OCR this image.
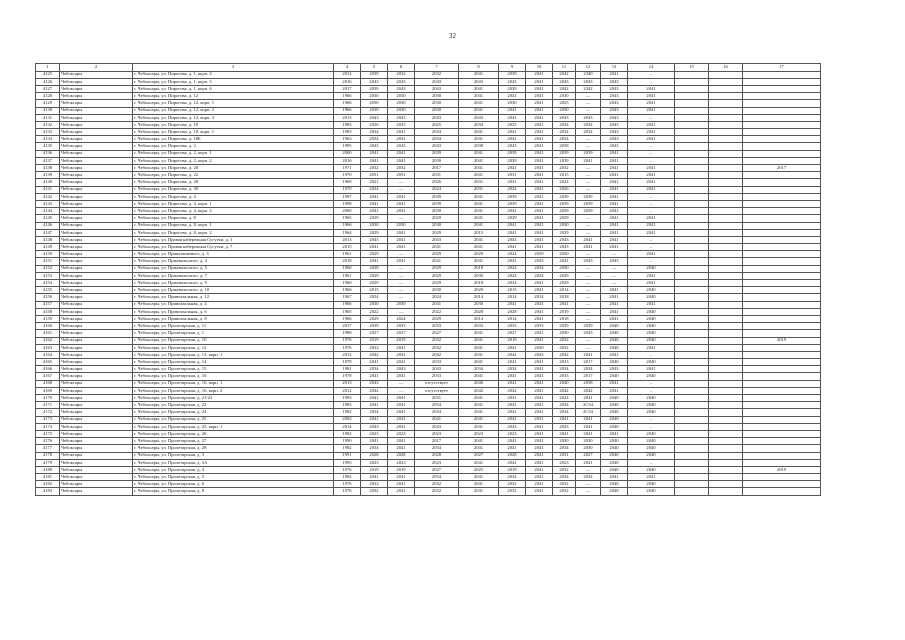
32
1	2	3	4	5	6	7	8	9	10	11	12	13	14	15	16	17
4125	Чебоксары	г. Чебоксары, ул. Пирогова, д. 1, корп. 4	2012	2039	2032	2032	2041	2039	2041	2042	2340	2041	–			
4126	Чебоксары	г. Чебоксары, ул. Пирогова, д. 1, корп. 5	2016	2043	2043	2043	2043	2043	2041	2043	2043	2043	–			
4127	Чебоксары	г. Чебоксары, ул. Пирогова, д. 1, корп. 6	2017	2039	2043	2043	2041	2039	2041	2042	2342	2043	2041			
4128	Чебоксары	г. Чебоксары, ул. Пирогова, д. 12	1966	2030	2030	2030	2041	2041	2041	2030	—	2043	2041			
4129	Чебоксары	г. Чебоксары, ул. Пирогова, д. 12, корп. 1	1966	2030	2030	2030	2041	2030	2041	2025	—	2043	2041			
4130	Чебоксары	г. Чебоксары, ул. Пирогова, д. 12, корп. 2	1966	2030	2030	2030	2041	2041	2041	2030	—	2043	2041			
4131	Чебоксары	г. Чебоксары, ул. Пирогова, д. 12, корп. 3	2013	2043	2043	2043	2043	2043	2041	2043	2043	2043	–			
4132	Чебоксары	г. Чебоксары, ул. Пирогова, д. 18	1983	2026	2025	2025	2034	2025	2041	2034	2034	2043	2041			
4133	Чебоксары	г. Чебоксары, ул. Пирогова, д. 18, корп. 1	1983	2034	2041	2034	2041	2041	2041	2034	2034	2043	2041			
4134	Чебоксары	г. Чебоксары, ул. Пирогова, д. 18Б	1963	2034	2041	2034	2041	2041	2041	2034	—	2043	2041			
4135	Чебоксары	г. Чебоксары, ул. Пирогова, д. 2	1995	2043	2043	2043	2038	2043	2041	2038	—	2043	–			
4136	Чебоксары	г. Чебоксары, ул. Пирогова, д. 2, корп. 1	2000	2041	2041	2039	2041	2039	2041	2039	2039	2041	–			
4137	Чебоксары	г. Чебоксары, ул. Пирогова, д. 2, корп. 2	2016	2041	2041	2039	2041	2039	2041	2039	2041	2041	–			
4138	Чебоксары	г. Чебоксары, ул. Пирогова, д. 20	1971	2032	2032	2017	2041	2041	2041	2032	—	2041	2041			2017
4139	Чебоксары	г. Чебоксары, ул. Пирогова, д. 22	1970	2031	2031	2031	2041	2031	2041	2015	—	2041	2041			
4140	Чебоксары	г. Чебоксары, ул. Пирогова, д. 28	1969	2021	—	2026	2031	2031	2041	2024	—	2041	2041			
4141	Чебоксары	г. Чебоксары, ул. Пирогова, д. 30	1970	2024	—	2024	2031	2024	2041	2026	—	2041	2041			
4142	Чебоксары	г. Чебоксары, ул. Пирогова, д. 4	1997	2041	2041	2039	2041	2039	2041	2039	2039	2041	–			
4143	Чебоксары	г. Чебоксары, ул. Пирогова, д. 4, корп. 1	1998	2041	2041	2039	2041	2039	2041	2039	2039	2041	–			
4144	Чебоксары	г. Чебоксары, ул. Пирогова, д. 4, корп. 2	2000	2041	2041	2039	2041	2041	2041	2039	2039	2041	–			
4145	Чебоксары	г. Чебоксары, ул. Пирогова, д. 8	1965	2029	—	2029	2041	2029	2041	2029	—	2041	2041			
4146	Чебоксары	г. Чебоксары, ул. Пирогова, д. 8, корп. 1	1966	2030	2030	2030	2041	2041	2041	2030	—	2041	2041			
4147	Чебоксары	г. Чебоксары, ул. Пирогова, д. 8, корп. 2	1964	2029	2041	2029	2015	2041	2041	2029	—	2041	2041			
4148	Чебоксары	г. Чебоксары, ул. Правая набережная Сугутки, д. 1	2013	2043	2041	2043	2041	2043	2041	2043	2041	2041	–			
4149	Чебоксары	г. Чебоксары, ул. Правая набережная Сугутки, д. 7	2015	2041	2041	2041	2041	2041	2041	2043	2041	2041	–			
4150	Чебоксары	г. Чебоксары, ул. Приказчикового, д. 3	1961	2029	—	2029	2029	2024	2029	2030	—	—	2041			
4151	Чебоксары	г. Чебоксары, ул. Пржевальского, д. 4	2018	2041	2041	2041	2041	2041	2043	2041	2043	2043	–			
4152	Чебоксары	г. Чебоксары, ул. Пржевальского, д. 5	1960	2028	—	2029	2018	2024	2024	2030	—	—	2040			
4153	Чебоксары	г. Чебоксары, ул. Пржевальского, д. 7	1961	2029	—	2029	2030	2024	2024	2029	—	—	2041			
4154	Чебоксары	г. Чебоксары, ул. Пржевальского, д. 9	1960	2029	—	2029	2018	2024	2041	2029	—	—	2041			
4155	Чебоксары	г. Чебоксары, ул. Пржевальского, д. 10	1966	2015	—	2030	2020	2015	2041	2014	—	2041	2040			
4156	Чебоксары	г. Чебоксары, ул. Привокзальная, д. 12	1967	2024	—	2024	2014	2014	2014	2018	—	2041	2040			
4157	Чебоксары	г. Чебоксары, ул. Привокзальная, д. 4	1966	2030	2030	2041	2030	2041	2041	2041	—	2041	2041			
4158	Чебоксары	г. Чебоксары, ул. Привокзальная, д. 6	1965	2022	—	2022	2028	2028	2041	2019	—	2041	2040			
4159	Чебоксары	г. Чебоксары, ул. Привокзальная, д. 8	1966	2029	2024	2029	2014	2014	2041	2018	—	2041	2040			
4160	Чебоксары	г. Чебоксары, ул. Пролетарская, д. 11	2017	2039	2033	2033	2033	2033	2033	2039	2039	2040	2040			
4161	Чебоксары	г. Чебоксары, ул. Пролетарская, д. 1	1988	2027	2027	2027	2041	2027	2041	2030	2043	2040	2040			
4162	Чебоксары	г. Чебоксары, ул. Пролетарская, д. 10	1976	2019	2019	2032	2041	2019	2041	2032	—	2040	2040			2019
4163	Чебоксары	г. Чебоксары, ул. Пролетарская, д. 12	1976	2032	2041	2032	2041	2041	2020	2032	—	2040	2041			
4164	Чебоксары	г. Чебоксары, ул. Пролетарская, д. 13, корп. 1	2012	2042	2041	2042	2041	2042	2043	2042	2041	2041	–			
4165	Чебоксары	г. Чебоксары, ул. Пролетарская, д. 14	1978	2041	2041	2033	2041	2041	2041	2033	2017	2040	2040			
4166	Чебоксары	г. Чебоксары, ул. Пролетарская, д. 15	1981	2034	2043	2043	2034	2034	2041	2034	2034	2043	2041			
4167	Чебоксары	г. Чебоксары, ул. Пролетарская, д. 16	1978	2041	2041	2033	2041	2041	2041	2033	2017	2040	2040			
4168	Чебоксары	г. Чебоксары, ул. Пролетарская, д. 16, корп. 1	2013	2043	—	отсутствует	2040	2041	2041	2040	2038	2041	–			
4169	Чебоксары	г. Чебоксары, ул. Пролетарская, д. 16, корп. 2	2012	2042	—	отсутствует	2042	2042	2041	2042	2042	2041	–			
4170	Чебоксары	г. Чебоксары, ул. Пролетарская, д. 21/22	1993	2041	2041	2031	2041	2031	2041	2024	2041	2040	2040			
4171	Чебоксары	г. Чебоксары, ул. Пролетарская, д. 22	1983	2041	2041	2034	2041	2041	2041	2034	2С34	2040	2040			
4172	Чебоксары	г. Чебоксары, ул. Пролетарская, д. 24	1982	2034	2041	2034	2041	2041	2041	2034	2С34	2040	2040			
4173	Чебоксары	г. Чебоксары, ул. Пролетарская, д. 25	2002	2041	2041	2041	2041	2041	2031	2041	2041	2040	–			
4174	Чебоксары	г. Чебоксары, ул. Пролетарская, д. 25, корп. 1	2014	2043	2041	2043	2041	2043	2041	2043	2041	2040	–			
4175	Чебоксары	г. Чебоксары, ул. Пролетарская, д. 26	1982	2023	2023	2023	2023	2023	2041	2041	2041	2041	2040			
4176	Чебоксары	г. Чебоксары, ул. Пролетарская, д. 27	1990	2041	2041	2017	2041	2041	2041	2030	2030	2040	2040			
4177	Чебоксары	г. Чебоксары, ул. Пролетарская, д. 28	1982	2034	2041	2034	2041	2041	2041	2034	2030	2040	2040			
4178	Чебоксары	г. Чебоксары, ул. Пролетарская, д. 3	1991	2028	2028	2028	2027	2028	2041	2031	2027	2040	2040			
4179	Чебоксары	г. Чебоксары, ул. Пролетарская, д. 3А	1995	2023	2023	2023	2041	2041	2041	2023	2041	2040	–			
4180	Чебоксары	г. Чебоксары, ул. Пролетарская, д. 4	1976	2019	2019	2027	2025	2019	2041	2032	—	2040	2040			2019
4181	Чебоксары	г. Чебоксары, ул. Пролетарская, д. 5	1982	2041	2041	2034	2041	2034	2041	2034	2034	2041	2041			
4182	Чебоксары	г. Чебоксары, ул. Пролетарская, д. 6	1976	2032	2041	2032	2041	2032	2041	2032	—	2040	2040			
4183	Чебоксары	г. Чебоксары, ул. Пролетарская, д. 8	1976	2032	2041	2032	2041	2032	2041	2032	—	2040	2040			
